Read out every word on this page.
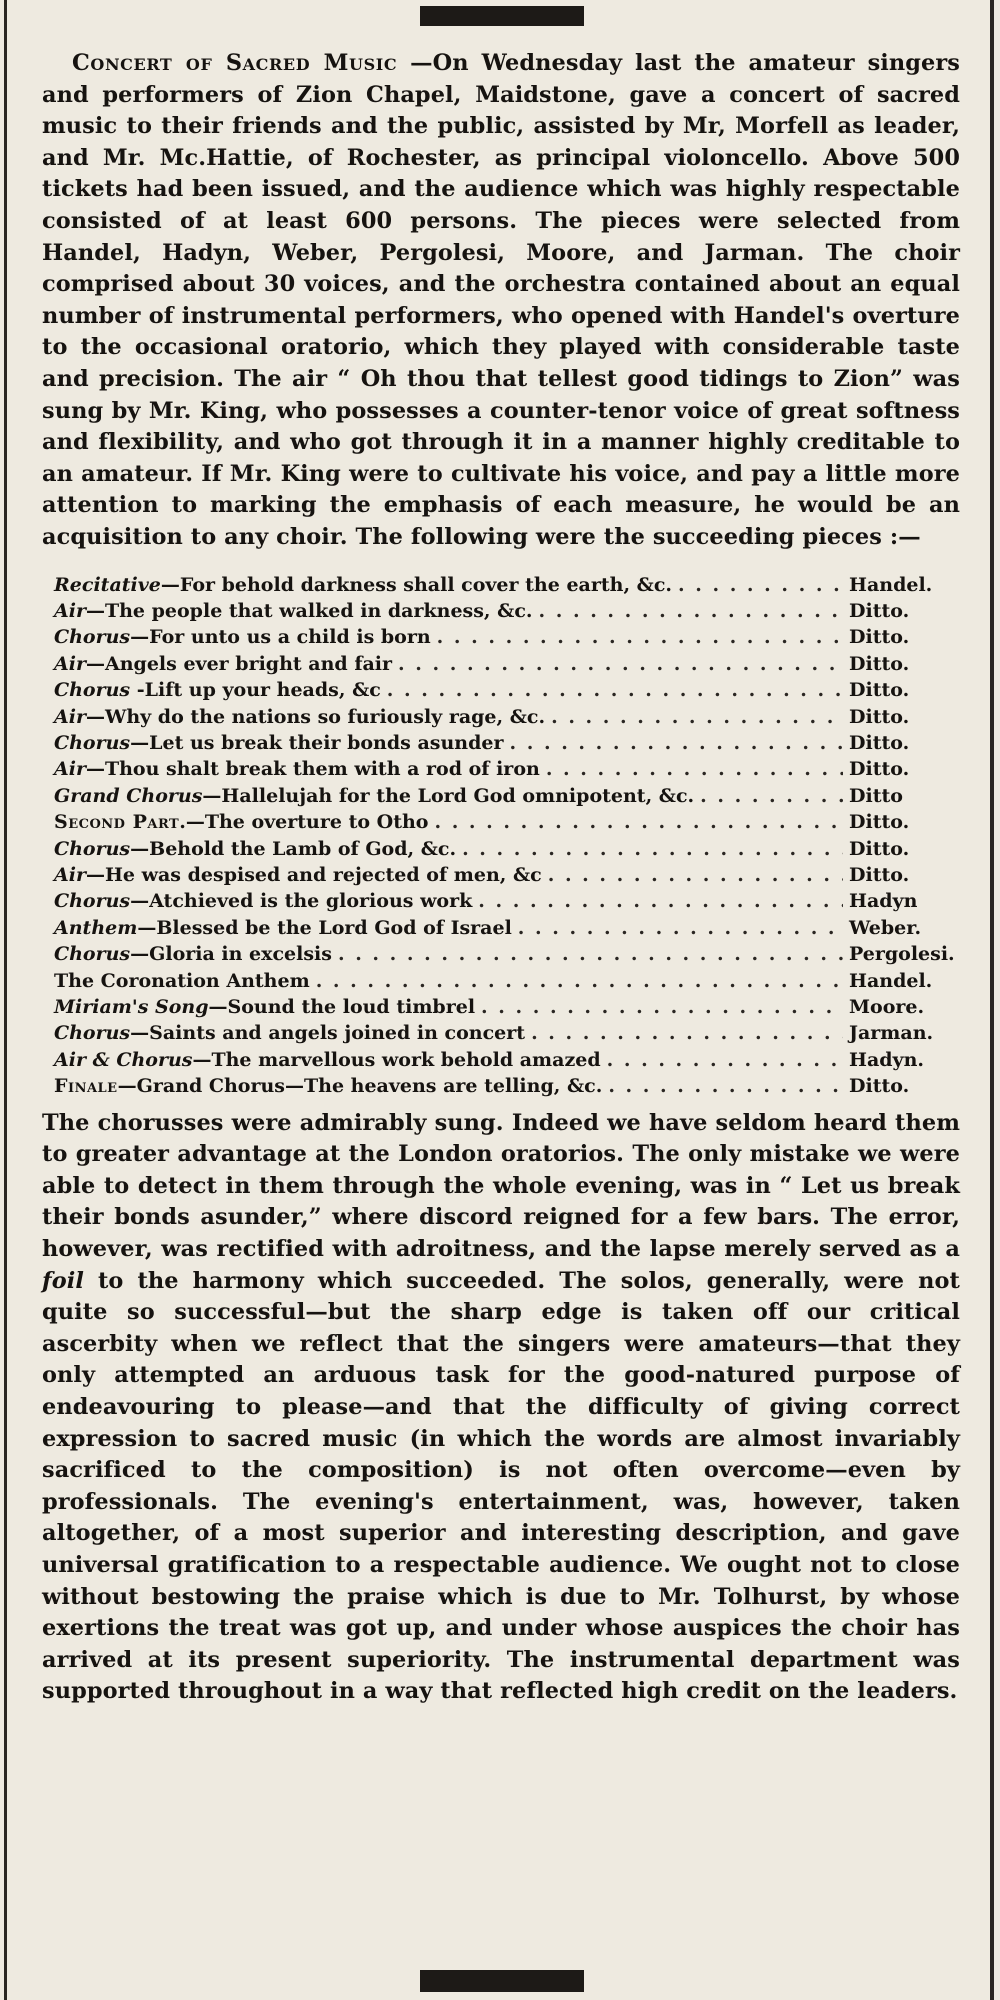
Concert of Sacred Music —On Wednesday last the amateur singers and performers of Zion Chapel, Maidstone, gave a concert of sacred music to their friends and the public, assisted by Mr, Morfell as leader, and Mr. Mc.Hattie, of Rochester, as principal violoncello. Above 500 tickets had been issued, and the audience which was highly respectable consisted of at least 600 persons. The pieces were selected from Handel, Hadyn, Weber, Pergolesi, Moore, and Jarman. The choir comprised about 30 voices, and the orchestra contained about an equal number of instrumental performers, who opened with Handel's overture to the occasional oratorio, which they played with considerable taste and precision. The air “ Oh thou that tellest good tidings to Zion” was sung by Mr. King, who possesses a counter-tenor voice of great softness and flexibility, and who got through it in a manner highly creditable to an amateur. If Mr. King were to cultivate his voice, and pay a little more attention to marking the emphasis of each measure, he would be an acquisition to any choir. The following were the succeeding pieces :—

Recitative—For behold darkness shall cover the earth, &c. . . .	Handel.
Air—The people that walked in darkness, &c. . . .	Ditto.
Chorus—For unto us a child is born . . .	Ditto.
Air—Angels ever bright and fair . . .	Ditto.
Chorus -Lift up your heads, &c . . .	Ditto.
Air—Why do the nations so furiously rage, &c. . . .	Ditto.
Chorus—Let us break their bonds asunder . . .	Ditto.
Air—Thou shalt break them with a rod of iron . . .	Ditto.
Grand Chorus—Hallelujah for the Lord God omnipotent, &c. . . .	Ditto
Second Part.—The overture to Otho . . .	Ditto.
Chorus—Behold the Lamb of God, &c. . . .	Ditto.
Air—He was despised and rejected of men, &c . . .	Ditto.
Chorus—Atchieved is the glorious work . . .	Hadyn
Anthem—Blessed be the Lord God of Israel . . .	Weber.
Chorus—Gloria in excelsis . . .	Pergolesi.
The Coronation Anthem . . .	Handel.
Miriam's Song—Sound the loud timbrel . . .	Moore.
Chorus—Saints and angels joined in concert . . .	Jarman.
Air & Chorus—The marvellous work behold amazed . . .	Hadyn.
Finale—Grand Chorus—The heavens are telling, &c. . . .	Ditto.

The chorusses were admirably sung. Indeed we have seldom heard them to greater advantage at the London oratorios. The only mistake we were able to detect in them through the whole evening, was in “ Let us break their bonds asunder,” where discord reigned for a few bars. The error, however, was rectified with adroitness, and the lapse merely served as a foil to the harmony which succeeded. The solos, generally, were not quite so successful—but the sharp edge is taken off our critical ascerbity when we reflect that the singers were amateurs—that they only attempted an arduous task for the good-natured purpose of endeavouring to please—and that the difficulty of giving correct expression to sacred music (in which the words are almost invariably sacrificed to the composition) is not often overcome—even by professionals. The evening's entertainment, was, however, taken altogether, of a most superior and interesting description, and gave universal gratification to a respectable audience. We ought not to close without bestowing the praise which is due to Mr. Tolhurst, by whose exertions the treat was got up, and under whose auspices the choir has arrived at its present superiority. The instrumental department was supported throughout in a way that reflected high credit on the leaders.
